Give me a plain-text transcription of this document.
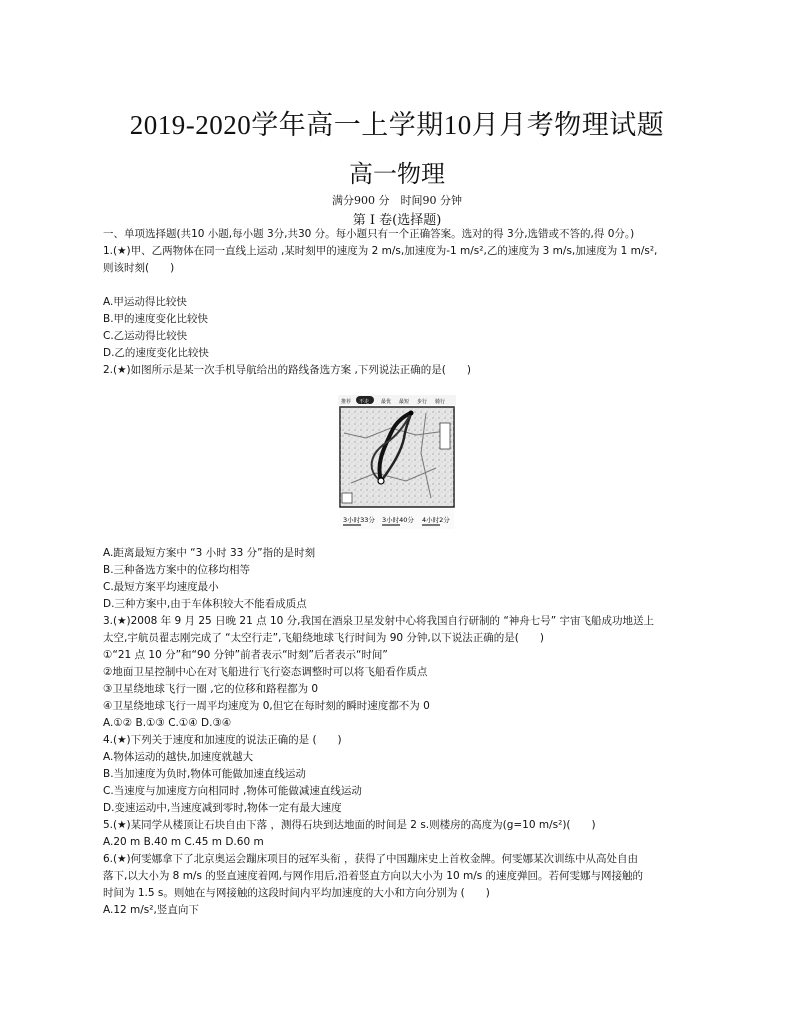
2019-2020学年高一上学期10月月考物理试题
高一物理
满分900 分　时间90 分钟
第 I 卷(选择题)
一、单项选择题(共10 小题,每小题 3分,共30 分。每小题只有一个正确答案。选对的得 3分,选错或不答的,得 0分。)
1.(★)甲、乙两物体在同一直线上运动 ,某时刻甲的速度为 2 m/s,加速度为-1 m/s²,乙的速度为 3 m/s,加速度为 1 m/s²,
则该时刻(　　)
A.甲运动得比较快
B.甲的速度变化比较快
C.乙运动得比较快
D.乙的速度变化比较快
2.(★)如图所示是某一次手机导航给出的路线备选方案 ,下列说法正确的是(　　)
推荐 不走 最优 最短 步行 骑行
3小时33分 3小时40分 4小时2分
A.距离最短方案中 “3 小时 33 分”指的是时刻
B.三种备选方案中的位移均相等
C.最短方案平均速度最小
D.三种方案中,由于车体积较大不能看成质点
3.(★)2008 年 9 月 25 日晚 21 点 10 分,我国在酒泉卫星发射中心将我国自行研制的 “神舟七号” 宇宙飞船成功地送上
太空,宇航员翟志刚完成了 “太空行走”,飞船绕地球飞行时间为 90 分钟,以下说法正确的是(　　)
①“21 点 10 分”和“90 分钟”前者表示“时刻”后者表示“时间”
②地面卫星控制中心在对飞船进行飞行姿态调整时可以将飞船看作质点
③卫星绕地球飞行一圈 ,它的位移和路程都为 0
④卫星绕地球飞行一周平均速度为 0,但它在每时刻的瞬时速度都不为 0
A.①② B.①③ C.①④ D.③④
4.(★)下列关于速度和加速度的说法正确的是 (　　)
A.物体运动的越快,加速度就越大
B.当加速度为负时,物体可能做加速直线运动
C.当速度与加速度方向相同时 ,物体可能做减速直线运动
D.变速运动中,当速度减到零时,物体一定有最大速度
5.(★)某同学从楼顶让石块自由下落 ，测得石块到达地面的时间是 2 s.则楼房的高度为(g=10 m/s²)(　　)
A.20 m B.40 m C.45 m D.60 m
6.(★)何雯娜拿下了北京奥运会蹦床项目的冠军头衔 ，获得了中国蹦床史上首枚金牌。何雯娜某次训练中从高处自由
落下,以大小为 8 m/s 的竖直速度着网,与网作用后,沿着竖直方向以大小为 10 m/s 的速度弹回。若何雯娜与网接触的
时间为 1.5 s。则她在与网接触的这段时间内平均加速度的大小和方向分别为 (　　)
A.12 m/s²,竖直向下
